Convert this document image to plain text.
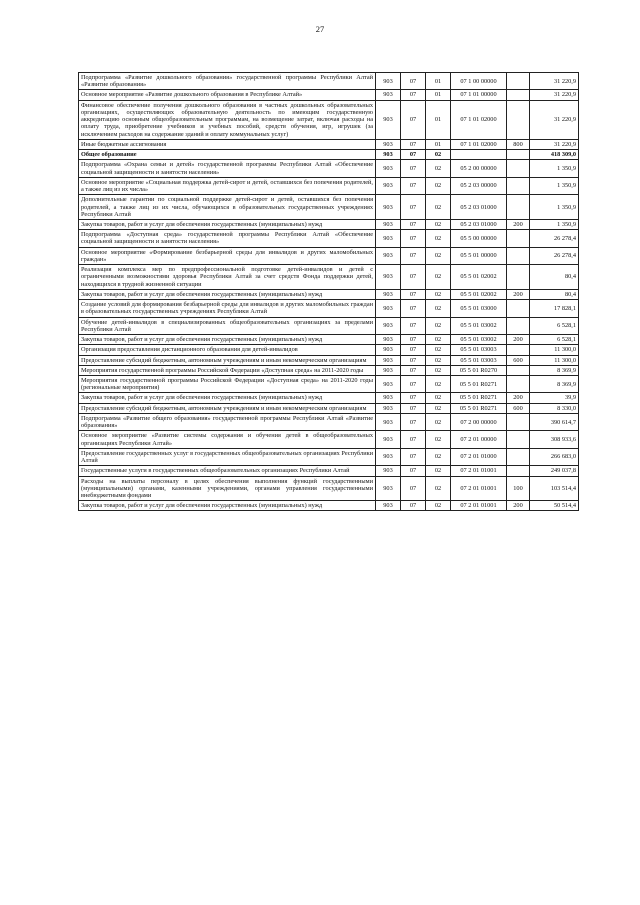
27
Подпрограмма «Развитие дошкольного образования» государственной программы Республики Алтай «Развитие образования»	903	07	01	07 1 00 00000		31 220,9
Основное мероприятие «Развитие дошкольного образования в Республике Алтай»	903	07	01	07 1 01 00000		31 220,9
Финансовое обеспечение получения дошкольного образования в частных дошкольных образовательных организациях, осуществляющих образовательную деятельность по имеющим государственную аккредитацию основным общеобразовательным программам, на возмещение затрат, включая расходы на оплату труда, приобретение учебников и учебных пособий, средств обучения, игр, игрушек (за исключением расходов на содержание зданий и оплату коммунальных услуг)	903	07	01	07 1 01 02000		31 220,9
Иные бюджетные ассигнования	903	07	01	07 1 01 02000	800	31 220,9
Общее образование	903	07	02			418 309,0
Подпрограмма «Охрана семьи и детей» государственной программы Республики Алтай «Обеспечение социальной защищенности и занятости населения»	903	07	02	05 2 00 00000		1 350,9
Основное мероприятие «Социальная поддержка детей-сирот и детей, оставшихся без попечения родителей, а также лиц из их числа»	903	07	02	05 2 03 00000		1 350,9
Дополнительные гарантии по социальной поддержке детей-сирот и детей, оставшихся без попечения родителей, а также лиц из их числа, обучающихся в образовательных государственных учреждениях Республики Алтай	903	07	02	05 2 03 01000		1 350,9
Закупка товаров, работ и услуг для обеспечения государственных (муниципальных) нужд	903	07	02	05 2 03 01000	200	1 350,9
Подпрограмма «Доступная среда» государственной программы Республики Алтай «Обеспечение социальной защищенности и занятости населения»	903	07	02	05 5 00 00000		26 278,4
Основное мероприятие «Формирование безбарьерной среды для инвалидов и других маломобильных граждан»	903	07	02	05 5 01 00000		26 278,4
Реализация комплекса мер по предпрофессиональной подготовке детей-инвалидов и детей с ограниченными возможностями здоровья Республики Алтай за счет средств Фонда поддержки детей, находящихся в трудной жизненной ситуации	903	07	02	05 5 01 02002		80,4
Закупка товаров, работ и услуг для обеспечения государственных (муниципальных) нужд	903	07	02	05 5 01 02002	200	80,4
Создание условий для формирования безбарьерной среды для инвалидов и других маломобильных граждан в образовательных государственных учреждениях Республики Алтай	903	07	02	05 5 01 03000		17 828,1
Обучение детей-инвалидов в специализированных общеобразовательных организациях за пределами Республики Алтай	903	07	02	05 5 01 03002		6 528,1
Закупка товаров, работ и услуг для обеспечения государственных (муниципальных) нужд	903	07	02	05 5 01 03002	200	6 528,1
Организация предоставления дистанционного образования для детей-инвалидов	903	07	02	05 5 01 03003		11 300,0
Предоставление субсидий бюджетным, автономным учреждениям и иным некоммерческим организациям	903	07	02	05 5 01 03003	600	11 300,0
Мероприятия государственной программы Российской Федерации «Доступная среда» на 2011-2020 годы	903	07	02	05 5 01 R0270		8 369,9
Мероприятия государственной программы Российской Федерации «Доступная среда» на 2011-2020 годы (региональные мероприятия)	903	07	02	05 5 01 R0271		8 369,9
Закупка товаров, работ и услуг для обеспечения государственных (муниципальных) нужд	903	07	02	05 5 01 R0271	200	39,9
Предоставление субсидий бюджетным, автономным учреждениям и иным некоммерческим организациям	903	07	02	05 5 01 R0271	600	8 330,0
Подпрограмма «Развитие общего образования» государственной программы Республики Алтай «Развитие образования»	903	07	02	07 2 00 00000		390 614,7
Основное мероприятие «Развитие системы содержания и обучения детей в общеобразовательных организациях Республики Алтай»	903	07	02	07 2 01 00000		308 933,6
Предоставление государственных услуг в государственных общеобразовательных организациях Республики Алтай	903	07	02	07 2 01 01000		266 683,0
Государственные услуги в государственных общеобразовательных организациях Республики Алтай	903	07	02	07 2 01 01001		249 037,8
Расходы на выплаты персоналу в целях обеспечения выполнения функций государственными (муниципальными) органами, казенными учреждениями, органами управления государственными внебюджетными фондами	903	07	02	07 2 01 01001	100	103 514,4
Закупка товаров, работ и услуг для обеспечения государственных (муниципальных) нужд	903	07	02	07 2 01 01001	200	50 514,4
